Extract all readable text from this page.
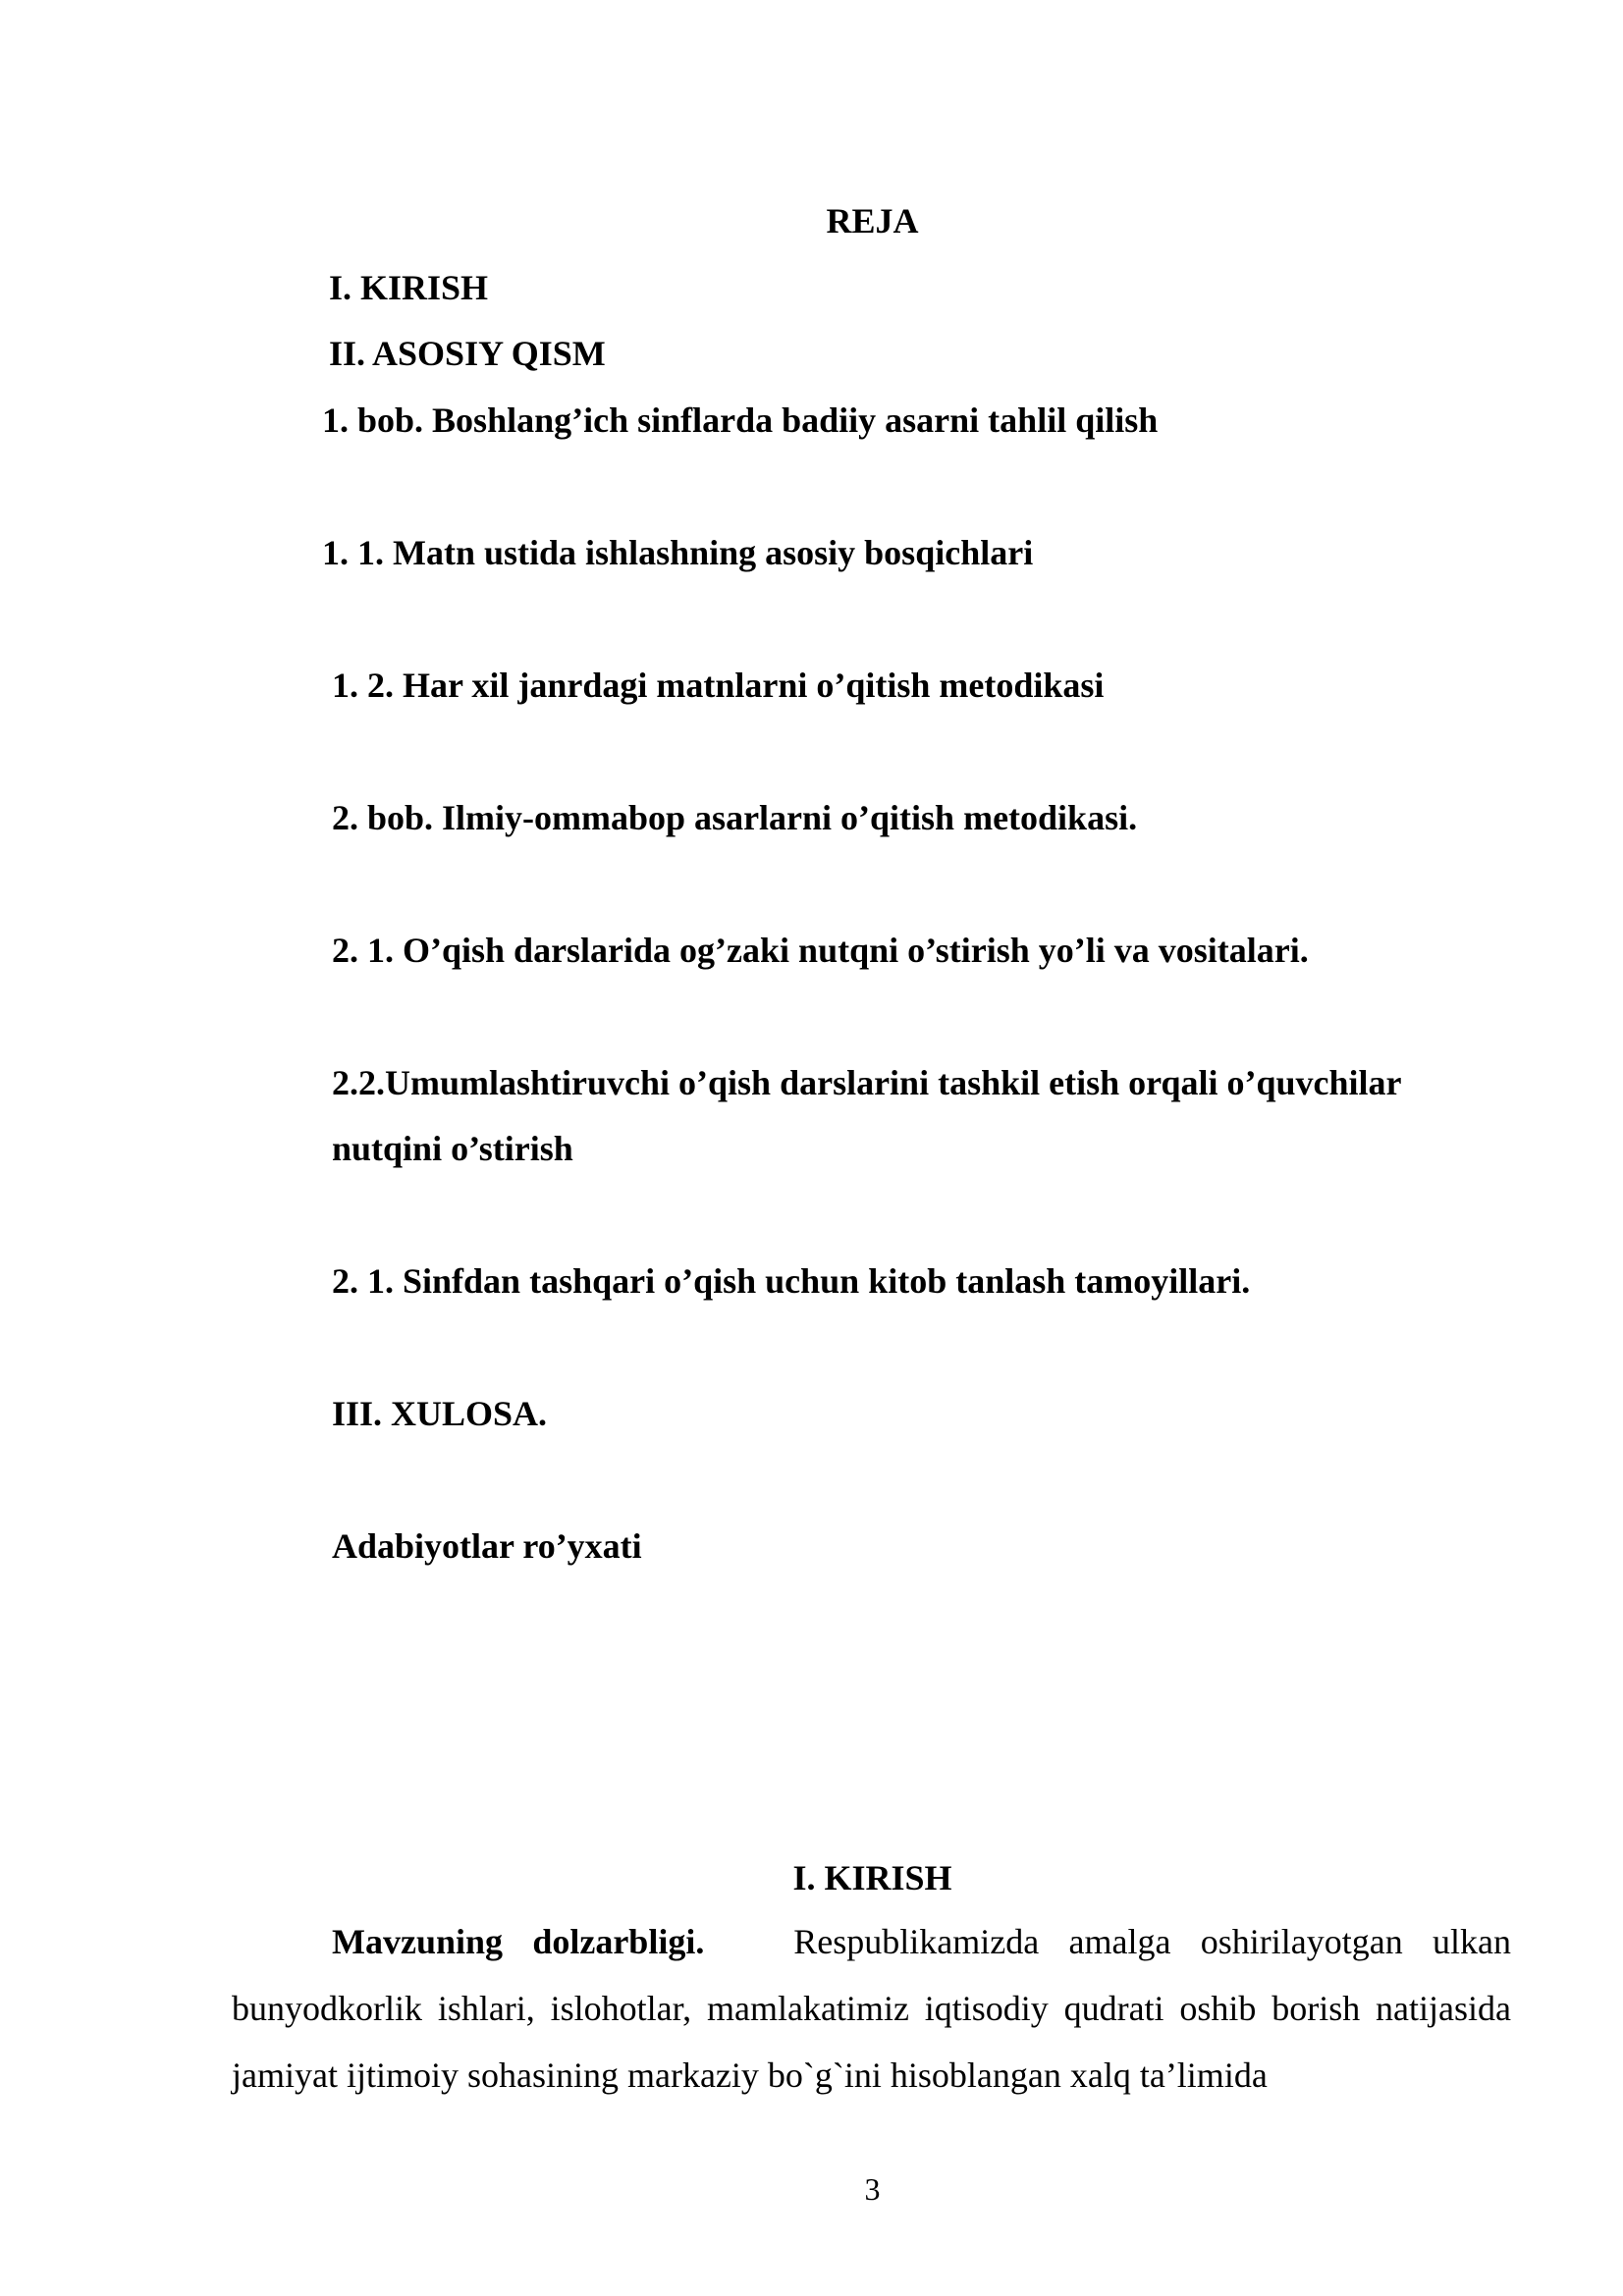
REJA
I. KIRISH
II. ASOSIY QISM
1. bob. Boshlang’ich sinflarda badiiy asarni tahlil qilish
1. 1. Matn ustida ishlashning asosiy bosqichlari
1. 2. Har xil janrdagi matnlarni o’qitish metodikasi
2. bob. Ilmiy-ommabop asarlarni o’qitish metodikasi.
2. 1. O’qish darslarida og’zaki nutqni o’stirish yo’li va vositalari.
2.2.Umumlashtiruvchi o’qish darslarini tashkil etish orqali o’quvchilar
nutqini o’stirish
2. 1. Sinfdan tashqari o’qish uchun kitob tanlash tamoyillari.
III. XULOSA.
Adabiyotlar ro’yxati
I. KIRISH

Mavzuning dolzarbligi.	Respublikamizda amalga oshirilayotgan ulkan bunyodkorlik ishlari, islohotlar, mamlakatimiz iqtisodiy qudrati oshib borish natijasida jamiyat ijtimoiy sohasining markaziy bo`g`ini hisoblangan xalq ta’limida

3
